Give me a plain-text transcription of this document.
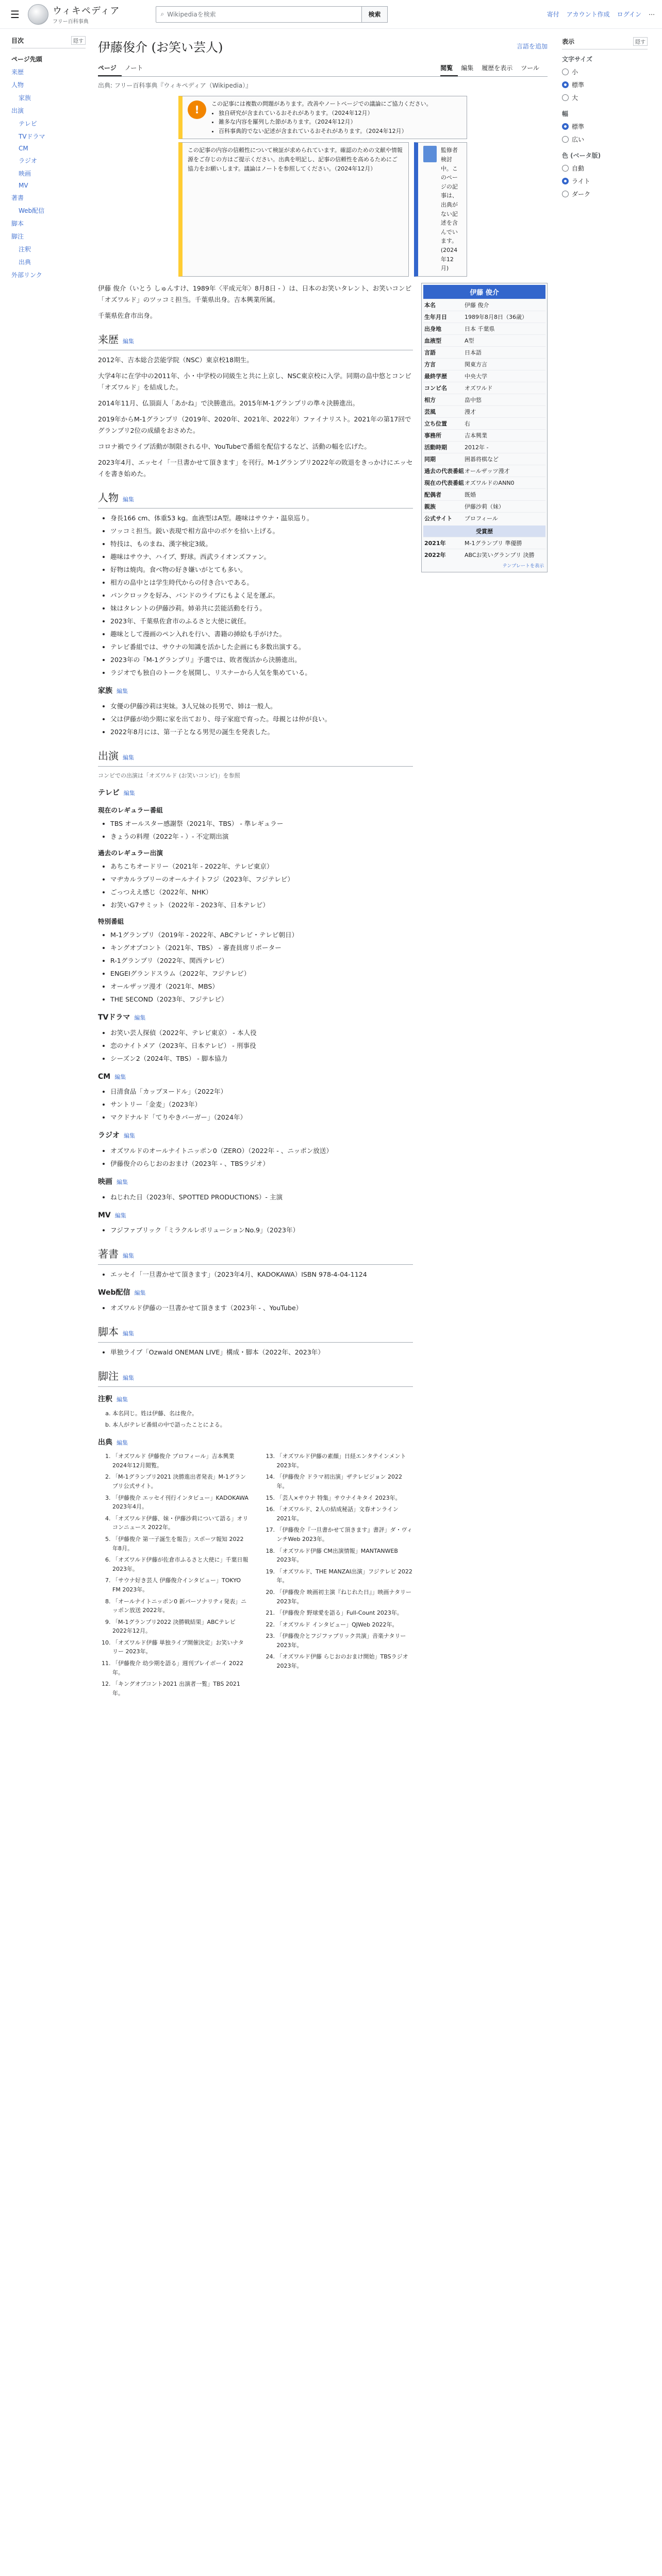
☰	ウィキペディア
フリー百科事典
⌕ Wikipediaを検索	検索	寄付 アカウント作成 ログイン ⋯
隠す
目次
ページ先頭
来歴
人物
家族
出演
テレビ
TVドラマ
CM
ラジオ
映画
MV
著書
Web配信
脚本
脚注
注釈
出典
外部リンク
伊藤俊介 (お笑い芸人)	言語を追加
ページ	ノート	閲覧	編集	履歴を表示	ツール
出典: フリー百科事典『ウィキペディア（Wikipedia）』
!	この記事には複数の問題があります。改善やノートページでの議論にご協力ください。
• 独自研究が含まれているおそれがあります。（2024年12月）
• 雑多な内容を羅列した節があります。（2024年12月）
• 百科事典的でない記述が含まれているおそれがあります。（2024年12月）
この記事の内容の信頼性について検証が求められています。確認のための文献や情報源をご存じの方はご提示ください。出典を明記し、記事の信頼性を高めるためにご協力をお願いします。議論はノートを参照してください。（2024年12月）
監修者検討中。このページの記事は、出典がない記述を含んでいます。(2024年12月)

伊藤 俊介（いとう しゅんすけ、1989年〈平成元年〉8月8日 - ）は、日本のお笑いタレント、お笑いコンビ「オズワルド」のツッコミ担当。千葉県出身。吉本興業所属。

千葉県佐倉市出身。

来歴 編集

2012年、吉本総合芸能学院（NSC）東京校18期生。

大学4年に在学中の2011年、小・中学校の同級生と共に上京し、NSC東京校に入学。同期の畠中悠とコンビ「オズワルド」を結成した。

2014年11月、仏頂面人「あかね」で決勝進出。2015年M-1グランプリの準々決勝進出。

2019年からM-1グランプリ（2019年、2020年、2021年、2022年）ファイナリスト。2021年の第17回でグランプリ2位の成績をおさめた。

コロナ禍でライブ活動が制限される中、YouTubeで番組を配信するなど、活動の幅を広げた。

2023年4月、エッセイ「一旦書かせて頂きます」を刊行。M-1グランプリ2022年の敗退をきっかけにエッセイを書き始めた。

人物 編集
• 身長166 cm、体重53 kg。血液型はA型。趣味はサウナ・温泉巡り。
• ツッコミ担当。鋭い表現で相方畠中のボケを拾い上げる。
• 特技は、ものまね、漢字検定3級。
• 趣味はサウナ、ハイブ、野球。西武ライオンズファン。
• 好物は焼肉。食べ物の好き嫌いがとても多い。
• 相方の畠中とは学生時代からの付き合いである。
• パンクロックを好み、バンドのライブにもよく足を運ぶ。
• 妹はタレントの伊藤沙莉。姉弟共に芸能活動を行う。
• 2023年、千葉県佐倉市のふるさと大使に就任。
• 趣味として漫画のペン入れを行い、書籍の挿絵も手がけた。
• テレビ番組では、サウナの知識を活かした企画にも多数出演する。
• 2023年の『M-1グランプリ』予選では、敗者復活から決勝進出。
• ラジオでも独自のトークを展開し、リスナーから人気を集めている。
家族 編集
• 女優の伊藤沙莉は実妹。3人兄妹の長男で、姉は一般人。
• 父は伊藤が幼少期に家を出ており、母子家庭で育った。母親とは仲が良い。
• 2022年8月には、第一子となる男児の誕生を発表した。
出演 編集
コンビでの出演は「オズワルド (お笑いコンビ)」を参照
テレビ 編集
現在のレギュラー番組
• TBS オールスター感謝祭（2021年、TBS） - 準レギュラー
• きょうの料理（2022年 - ）- 不定期出演
過去のレギュラー出演
• あちこちオードリー（2021年 - 2022年、テレビ東京）
• マヂカルラブリーのオールナイトフジ（2023年、フジテレビ）
• ごっつええ感じ（2022年、NHK）
• お笑いG7サミット（2022年 - 2023年、日本テレビ）
特別番組
• M-1グランプリ（2019年 - 2022年、ABCテレビ・テレビ朝日）
• キングオブコント（2021年、TBS） - 審査員席リポーター
• R-1グランプリ（2022年、関西テレビ）
• ENGEIグランドスラム（2022年、フジテレビ）
• オールザッツ漫才（2021年、MBS）
• THE SECOND（2023年、フジテレビ）
TVドラマ 編集
• お笑い芸人探偵（2022年、テレビ東京） - 本人役
• 恋のナイトメア（2023年、日本テレビ） - 刑事役
• シーズン2（2024年、TBS） - 脚本協力
CM 編集
• 日清食品「カップヌードル」（2022年）
• サントリー「金麦」（2023年）
• マクドナルド「てりやきバーガー」（2024年）
ラジオ 編集
• オズワルドのオールナイトニッポン0（ZERO）（2022年 - 、ニッポン放送）
• 伊藤俊介のらじおのおまけ（2023年 - 、TBSラジオ）
映画 編集
• ねじれた日（2023年、SPOTTED PRODUCTIONS）- 主演
MV 編集
• フジファブリック「ミラクルレボリューションNo.9」（2023年）
著書 編集
• エッセイ「一旦書かせて頂きます」（2023年4月、KADOKAWA）ISBN 978-4-04-1124
Web配信 編集
• オズワルド伊藤の一旦書かせて頂きます（2023年 - 、YouTube）
脚本 編集
• 単独ライブ「Ozwald ONEMAN LIVE」構成・脚本（2022年、2023年）
脚注 編集
注釈 編集
a. 本名同じ。姓は伊藤、名は俊介。
b. 本人がテレビ番組の中で語ったことによる。
出典 編集
1. 「オズワルド 伊藤俊介 プロフィール」吉本興業 2024年12月閲覧。
2. 「M-1グランプリ2021 決勝進出者発表」M-1グランプリ公式サイト。
3. 「伊藤俊介 エッセイ刊行インタビュー」KADOKAWA 2023年4月。
4. 「オズワルド伊藤、妹・伊藤沙莉について語る」オリコンニュース 2022年。
5. 「伊藤俊介 第一子誕生を報告」スポーツ報知 2022年8月。
6. 「オズワルド伊藤が佐倉市ふるさと大使に」千葉日報 2023年。
7. 「サウナ好き芸人 伊藤俊介インタビュー」TOKYO FM 2023年。
8. 「オールナイトニッポン0 新パーソナリティ発表」ニッポン放送 2022年。
9. 「M-1グランプリ2022 決勝戦結果」ABCテレビ 2022年12月。
10. 「オズワルド伊藤 単独ライブ開催決定」お笑いナタリー 2023年。
11. 「伊藤俊介 幼少期を語る」週刊プレイボーイ 2022年。
12. 「キングオブコント2021 出演者一覧」TBS 2021年。
13. 「オズワルド伊藤の素顔」日経エンタテインメント 2023年。
14. 「伊藤俊介 ドラマ初出演」ザテレビジョン 2022年。
15. 「芸人×サウナ 特集」サウナイキタイ 2023年。
16. 「オズワルド、2人の結成秘話」文春オンライン 2021年。
17. 「伊藤俊介『一旦書かせて頂きます』書評」ダ・ヴィンチWeb 2023年。
18. 「オズワルド伊藤 CM出演情報」MANTANWEB 2023年。
19. 「オズワルド、THE MANZAI出演」フジテレビ 2022年。
20. 「伊藤俊介 映画初主演『ねじれた日』」映画ナタリー 2023年。
21. 「伊藤俊介 野球愛を語る」Full-Count 2023年。
22. 「オズワルド インタビュー」QJWeb 2022年。
23. 「伊藤俊介とフジファブリック共演」音楽ナタリー 2023年。
24. 「オズワルド伊藤 らじおのおまけ開始」TBSラジオ 2023年。
伊藤 俊介
本名	伊藤 俊介
生年月日	1989年8月8日（36歳）
出身地	日本 千葉県
血液型	A型
言語	日本語
方言	関東方言
最終学歴	中央大学
コンビ名	オズワルド
相方	畠中悠
芸風	漫才
立ち位置	右
事務所	吉本興業
活動時期	2012年 -
同期	囲碁将棋など
過去の代表番組 オールザッツ漫才
現在の代表番組 オズワルドのANN0
配偶者	既婚
親族	伊藤沙莉（妹）
公式サイト	プロフィール
受賞歴
2021年	M-1グランプリ 準優勝
2022年	ABCお笑いグランプリ 決勝
テンプレートを表示
隠す
表示
文字サイズ
小
標準
大
幅
標準
広い
色 (ベータ版)
自動
ライト
ダーク
